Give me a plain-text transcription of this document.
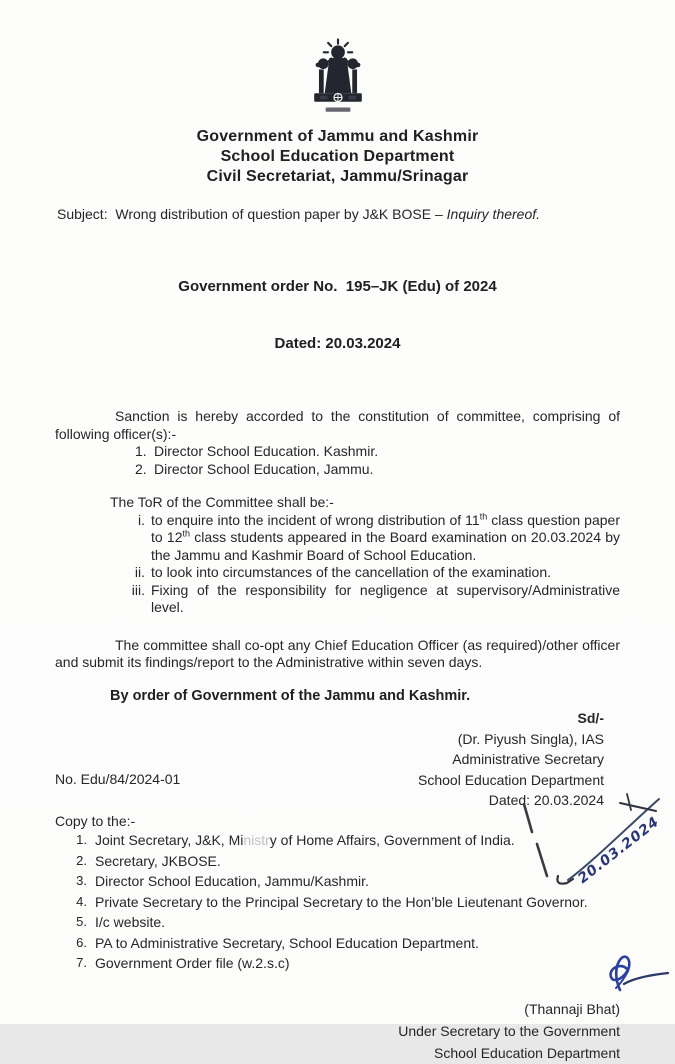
Government of Jammu and Kashmir
School Education Department
Civil Secretariat, Jammu/Srinagar
Subject:  Wrong distribution of question paper by J&K BOSE – Inquiry thereof.

Government order No.  195–JK (Edu) of 2024

Dated: 20.03.2024

Sanction is hereby accorded to the constitution of committee, comprising of following officer(s):-
1. Director School Education. Kashmir.
2. Director School Education, Jammu.
The ToR of the Committee shall be:-
i. to enquire into the incident of wrong distribution of 11th class question paper to 12th class students appeared in the Board examination on 20.03.2024 by the Jammu and Kashmir Board of School Education.
ii. to look into circumstances of the cancellation of the examination.
iii. Fixing of the responsibility for negligence at supervisory/Administrative level.
The committee shall co-opt any Chief Education Officer (as required)/other officer and submit its findings/report to the Administrative within seven days.
By order of Government of the Jammu and Kashmir.
No. Edu/84/2024-01
Sd/-
(Dr. Piyush Singla), IAS
Administrative Secretary
School Education Department
Dated: 20.03.2024
Copy to the:-
1. Joint Secretary, J&K, Ministry of Home Affairs, Government of India.
2. Secretary, JKBOSE.
3. Director School Education, Jammu/Kashmir.
4. Private Secretary to the Principal Secretary to the Hon’ble Lieutenant Governor.
5. I/c website.
6. PA to Administrative Secretary, School Education Department.
7. Government Order file (w.2.s.c)
(Thannaji Bhat)
Under Secretary to the Government
School Education Department
20.03.2024
